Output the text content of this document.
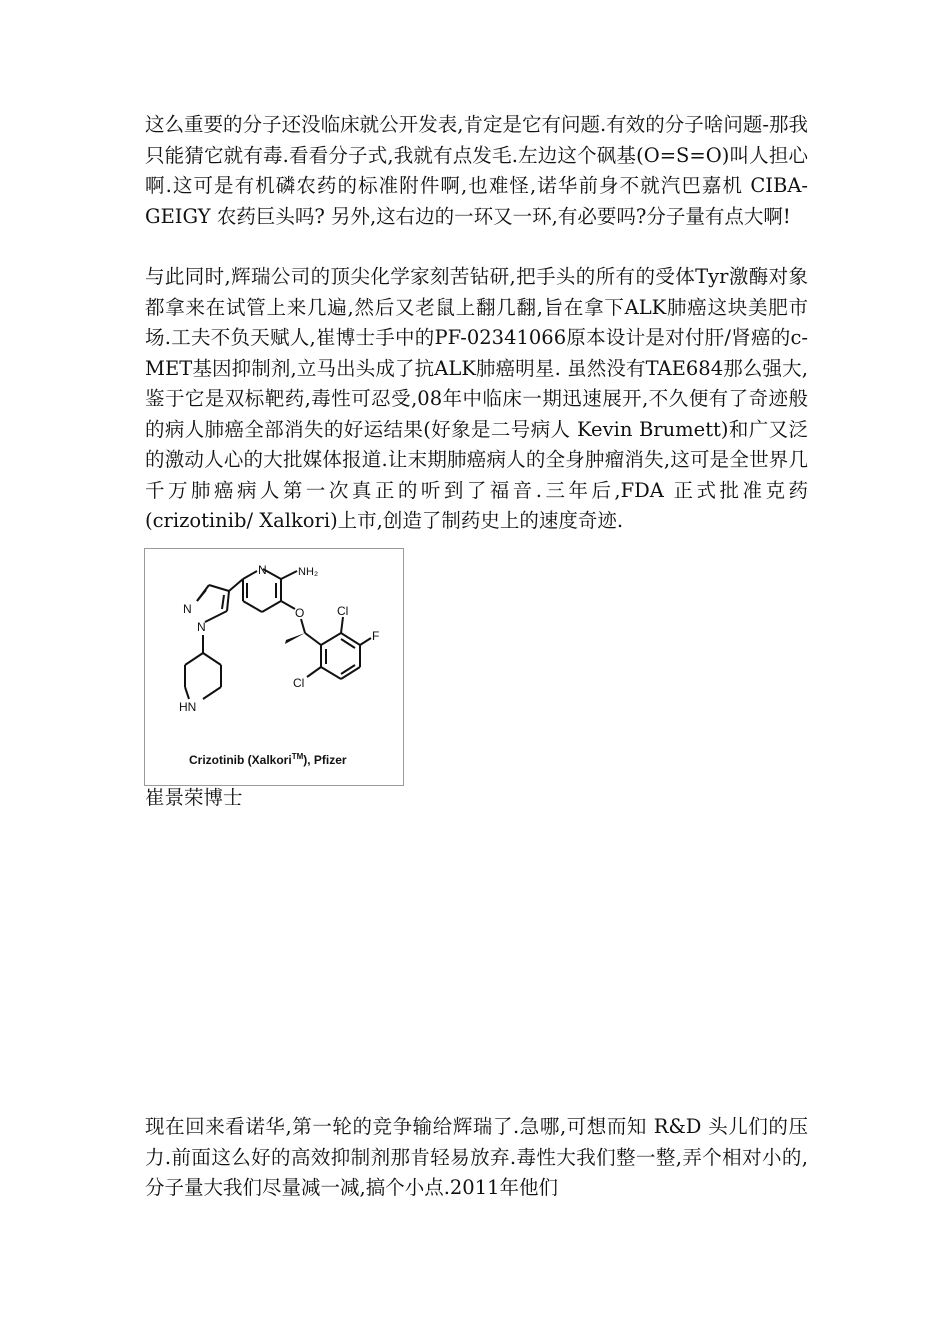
这么重要的分子还没临床就公开发表,肯定是它有问题.有效的分子啥问题-那我只能猜它就有毒.看看分子式,我就有点发毛.左边这个砜基(O=S=O)叫人担心啊.这可是有机磷农药的标准附件啊,也难怪,诺华前身不就汽巴嘉机 CIBA-GEIGY 农药巨头吗? 另外,这右边的一环又一环,有必要吗?分子量有点大啊!

与此同时,辉瑞公司的顶尖化学家刻苦钻研,把手头的所有的受体Tyr激酶对象都拿来在试管上来几遍,然后又老鼠上翻几翻,旨在拿下ALK肺癌这块美肥市场.工夫不负天赋人,崔博士手中的PF-02341066原本设计是对付肝/肾癌的c-MET基因抑制剂,立马出头成了抗ALK肺癌明星. 虽然没有TAE684那么强大,鉴于它是双标靶药,毒性可忍受,08年中临床一期迅速展开,不久便有了奇迹般的病人肺癌全部消失的好运结果(好象是二号病人 Kevin Brumett)和广又泛的激动人心的大批媒体报道.让末期肺癌病人的全身肿瘤消失,这可是全世界几千万肺癌病人第一次真正的听到了福音.三年后,FDA 正式批准克药(crizotinib/ Xalkori)上市,创造了制药史上的速度奇迹.

N	NH₂
O	Cl
F
Cl
N
N
HN
Crizotinib (Xalkori™), Pfizer
崔景荣博士

现在回来看诺华,第一轮的竞争输给辉瑞了.急哪,可想而知 R&D 头儿们的压力.前面这么好的高效抑制剂那肯轻易放弃.毒性大我们整一整,弄个相对小的,分子量大我们尽量减一减,搞个小点.2011年他们
